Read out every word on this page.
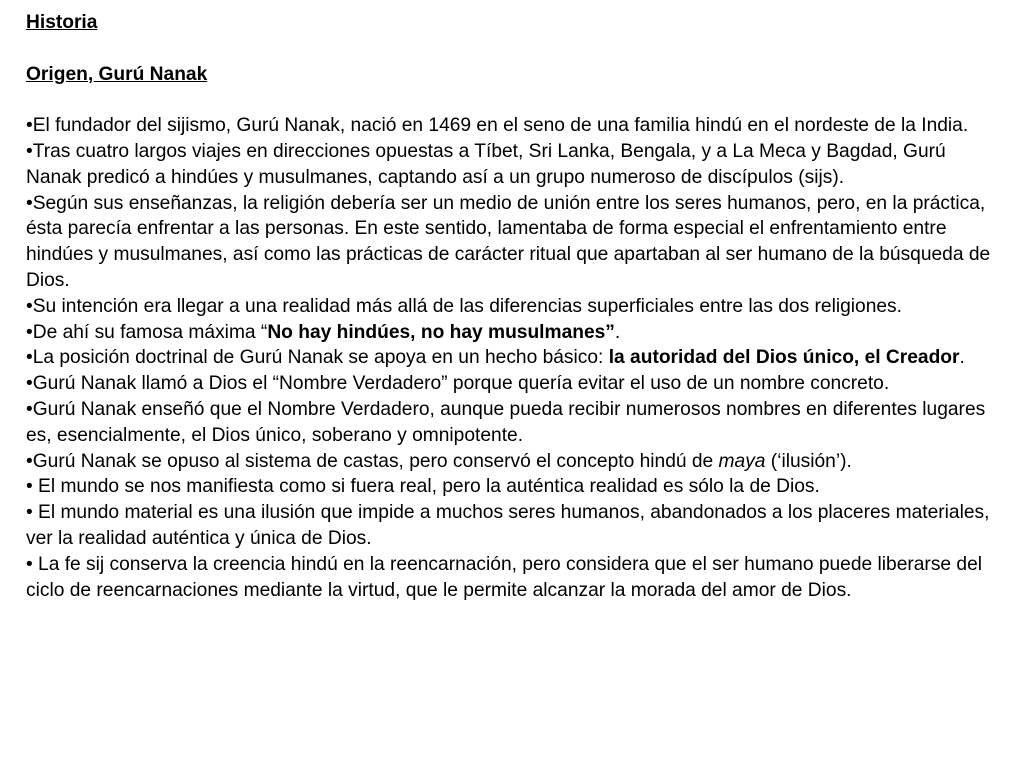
Historia
Origen, Gurú Nanak

•El fundador del sijismo, Gurú Nanak, nació en 1469 en el seno de una familia hindú en el nordeste de la India.

•Tras cuatro largos viajes en direcciones opuestas a Tíbet, Sri Lanka, Bengala, y a La Meca y Bagdad, Gurú Nanak predicó a hindúes y musulmanes, captando así a un grupo numeroso de discípulos (sijs).

•Según sus enseñanzas, la religión debería ser un medio de unión entre los seres humanos, pero, en la práctica, ésta parecía enfrentar a las personas. En este sentido, lamentaba de forma especial el enfrentamiento entre hindúes y musulmanes, así como las prácticas de carácter ritual que apartaban al ser humano de la búsqueda de Dios.

•Su intención era llegar a una realidad más allá de las diferencias superficiales entre las dos religiones.

•De ahí su famosa máxima “No hay hindúes, no hay musulmanes”.

•La posición doctrinal de Gurú Nanak se apoya en un hecho básico: la autoridad del Dios único, el Creador.

•Gurú Nanak llamó a Dios el “Nombre Verdadero” porque quería evitar el uso de un nombre concreto.

•Gurú Nanak enseñó que el Nombre Verdadero, aunque pueda recibir numerosos nombres en diferentes lugares es, esencialmente, el Dios único, soberano y omnipotente.

•Gurú Nanak se opuso al sistema de castas, pero conservó el concepto hindú de maya (‘ilusión’).

• El mundo se nos manifiesta como si fuera real, pero la auténtica realidad es sólo la de Dios.

• El mundo material es una ilusión que impide a muchos seres humanos, abandonados a los placeres materiales, ver la realidad auténtica y única de Dios.

• La fe sij conserva la creencia hindú en la reencarnación, pero considera que el ser humano puede liberarse del ciclo de reencarnaciones mediante la virtud, que le permite alcanzar la morada del amor de Dios.
